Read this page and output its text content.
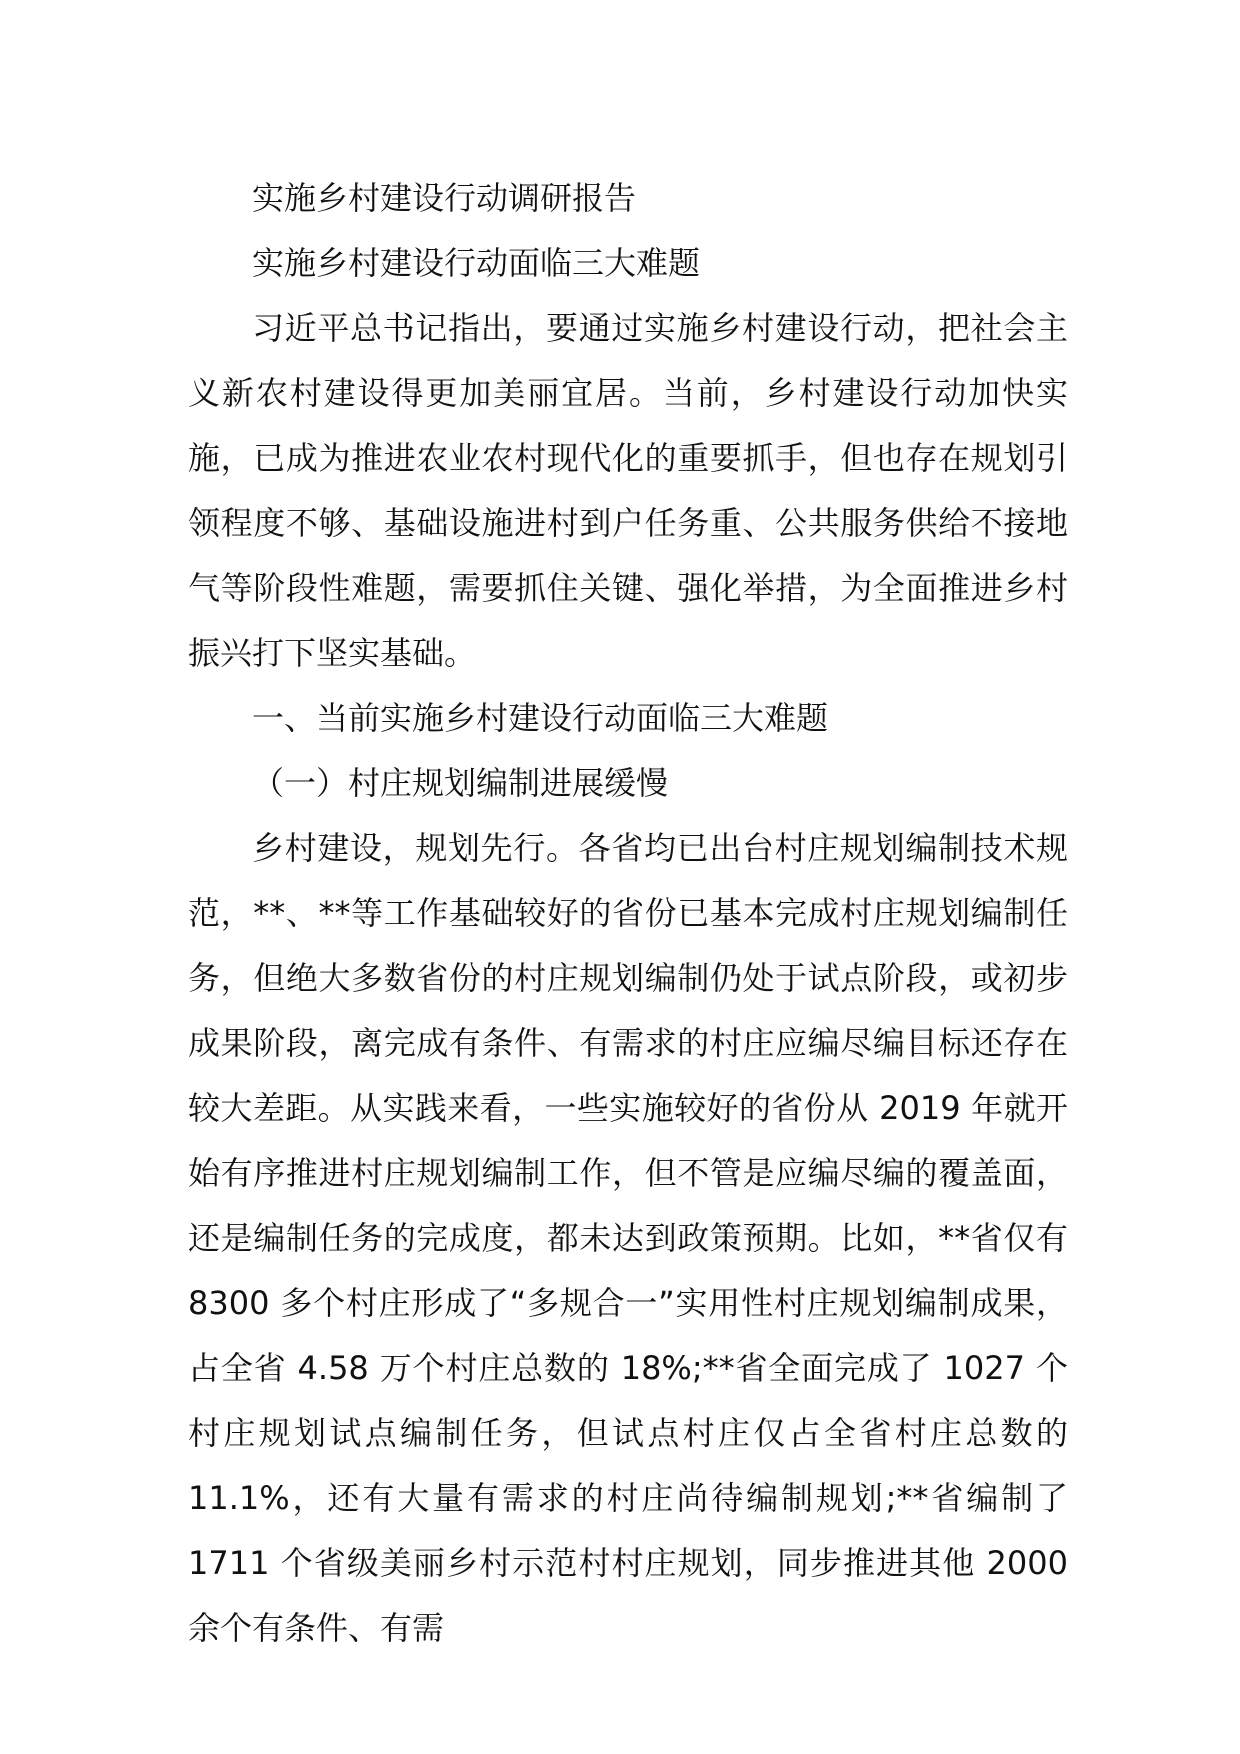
实施乡村建设行动调研报告

实施乡村建设行动面临三大难题

习近平总书记指出，要通过实施乡村建设行动，把社会主义新农村建设得更加美丽宜居。当前，乡村建设行动加快实施，已成为推进农业农村现代化的重要抓手，但也存在规划引领程度不够、基础设施进村到户任务重、公共服务供给不接地气等阶段性难题，需要抓住关键、强化举措，为全面推进乡村振兴打下坚实基础。

一、当前实施乡村建设行动面临三大难题

（一）村庄规划编制进展缓慢

乡村建设，规划先行。各省均已出台村庄规划编制技术规范，**、**等工作基础较好的省份已基本完成村庄规划编制任务，但绝大多数省份的村庄规划编制仍处于试点阶段，或初步成果阶段，离完成有条件、有需求的村庄应编尽编目标还存在较大差距。从实践来看，一些实施较好的省份从 2019 年就开始有序推进村庄规划编制工作，但不管是应编尽编的覆盖面，还是编制任务的完成度，都未达到政策预期。比如，**省仅有 8300 多个村庄形成了“多规合一”实用性村庄规划编制成果，占全省 4.58 万个村庄总数的 18%;**省全面完成了 1027 个村庄规划试点编制任务，但试点村庄仅占全省村庄总数的 11.1%，还有大量有需求的村庄尚待编制规划;**省编制了 1711 个省级美丽乡村示范村村庄规划，同步推进其他 2000 余个有条件、有需
